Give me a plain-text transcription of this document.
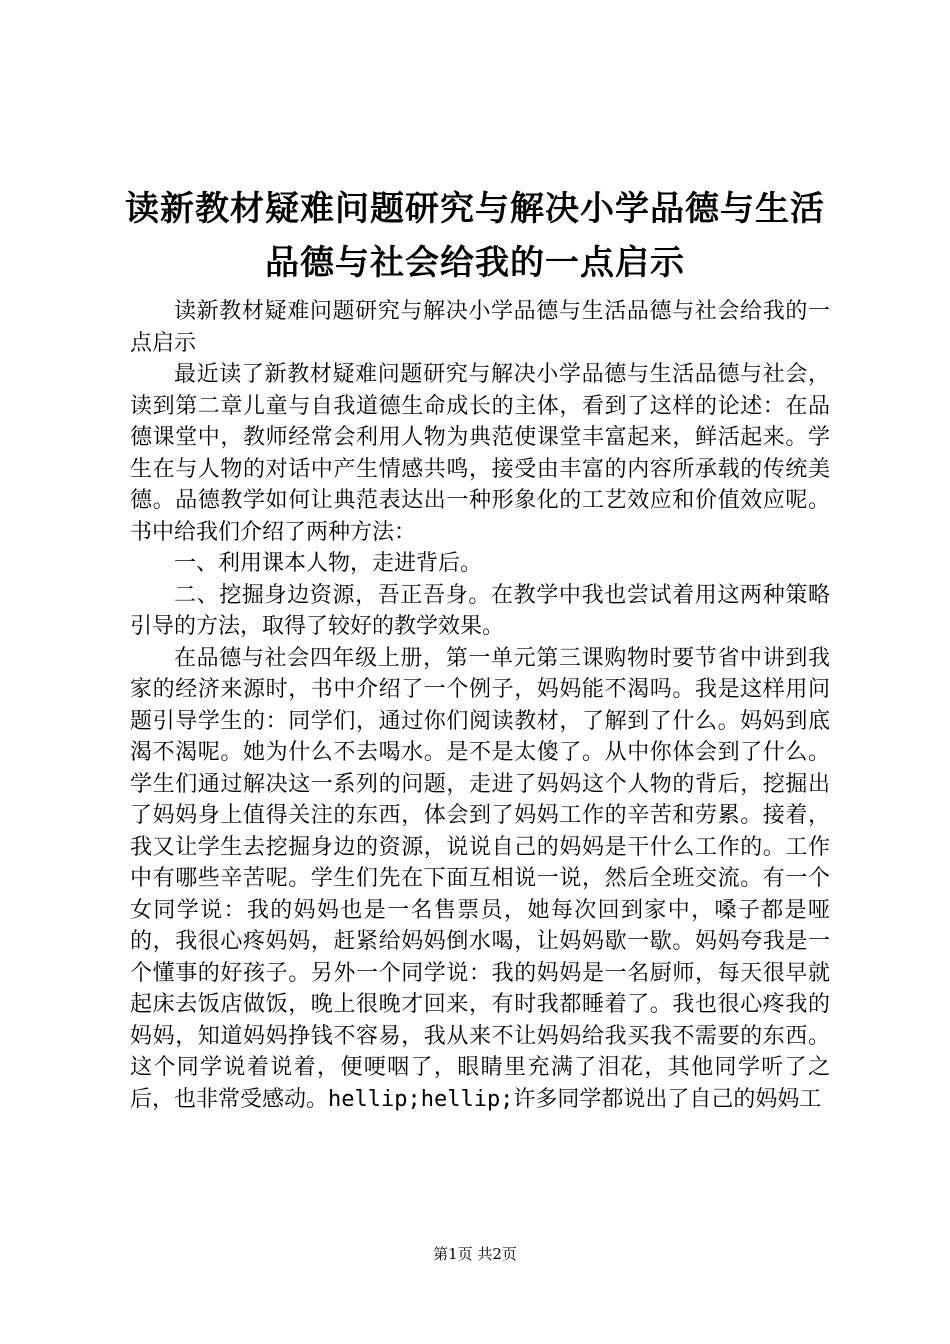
读新教材疑难问题研究与解决小学品德与生活
品德与社会给我的一点启示

读新教材疑难问题研究与解决小学品德与生活品德与社会给我的一点启示

最近读了新教材疑难问题研究与解决小学品德与生活品德与社会，读到第二章儿童与自我道德生命成长的主体，看到了这样的论述：在品德课堂中，教师经常会利用人物为典范使课堂丰富起来，鲜活起来。学生在与人物的对话中产生情感共鸣，接受由丰富的内容所承载的传统美德。品德教学如何让典范表达出一种形象化的工艺效应和价值效应呢。书中给我们介绍了两种方法：

一、利用课本人物，走进背后。

二、挖掘身边资源，吾正吾身。在教学中我也尝试着用这两种策略引导的方法，取得了较好的教学效果。

在品德与社会四年级上册，第一单元第三课购物时要节省中讲到我家的经济来源时，书中介绍了一个例子，妈妈能不渴吗。我是这样用问题引导学生的：同学们，通过你们阅读教材，了解到了什么。妈妈到底渴不渴呢。她为什么不去喝水。是不是太傻了。从中你体会到了什么。学生们通过解决这一系列的问题，走进了妈妈这个人物的背后，挖掘出了妈妈身上值得关注的东西，体会到了妈妈工作的辛苦和劳累。接着，我又让学生去挖掘身边的资源，说说自己的妈妈是干什么工作的。工作中有哪些辛苦呢。学生们先在下面互相说一说，然后全班交流。有一个女同学说：我的妈妈也是一名售票员，她每次回到家中，嗓子都是哑的，我很心疼妈妈，赶紧给妈妈倒水喝，让妈妈歇一歇。妈妈夸我是一个懂事的好孩子。另外一个同学说：我的妈妈是一名厨师，每天很早就起床去饭店做饭，晚上很晚才回来，有时我都睡着了。我也很心疼我的妈妈，知道妈妈挣钱不容易，我从来不让妈妈给我买我不需要的东西。这个同学说着说着，便哽咽了，眼睛里充满了泪花，其他同学听了之后，也非常受感动。hellip;hellip;许多同学都说出了自己的妈妈工

第1页 共2页
